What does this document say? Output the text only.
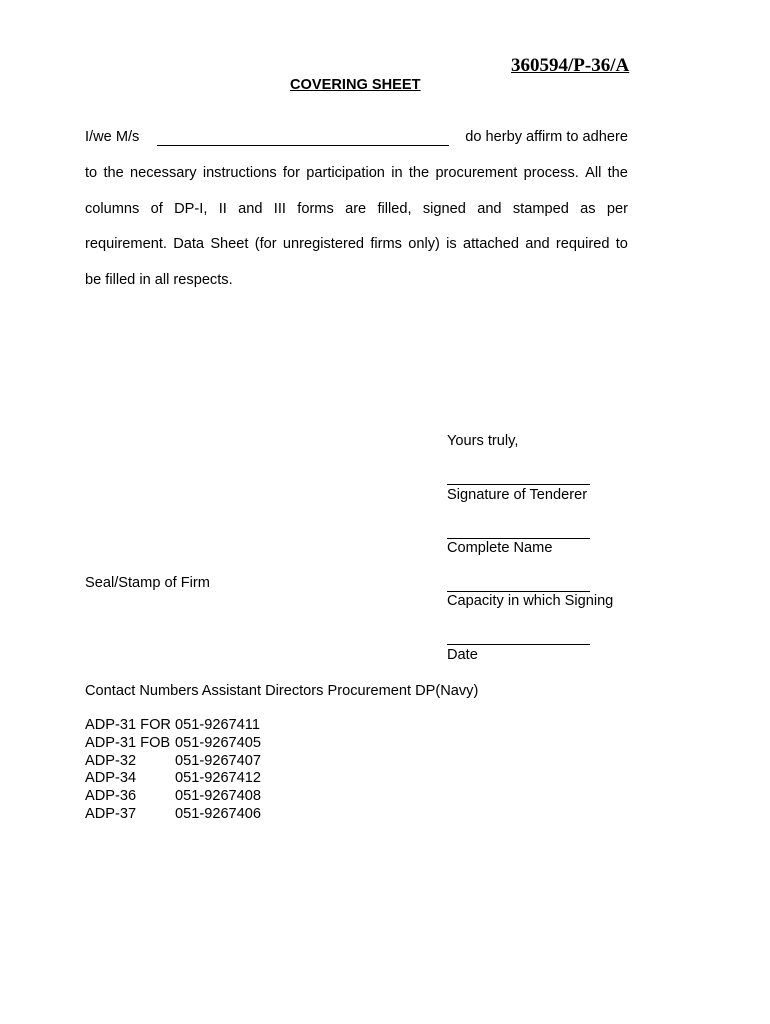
360594/P-36/A
COVERING SHEET
I/we M/s	do herby affirm to adhere
to the necessary instructions for participation in the procurement process. All the
columns of DP-I, II and III forms are filled, signed and stamped as per
requirement. Data Sheet (for unregistered firms only) is attached and required to
be filled in all respects.
Yours truly,
Signature of Tenderer
Complete Name
Capacity in which Signing
Date
Seal/Stamp of Firm
Contact Numbers Assistant Directors Procurement DP(Navy)
ADP-31 FOR 051-9267411
ADP-31 FOB 051-9267405
ADP-32	051-9267407
ADP-34	051-9267412
ADP-36	051-9267408
ADP-37	051-9267406
